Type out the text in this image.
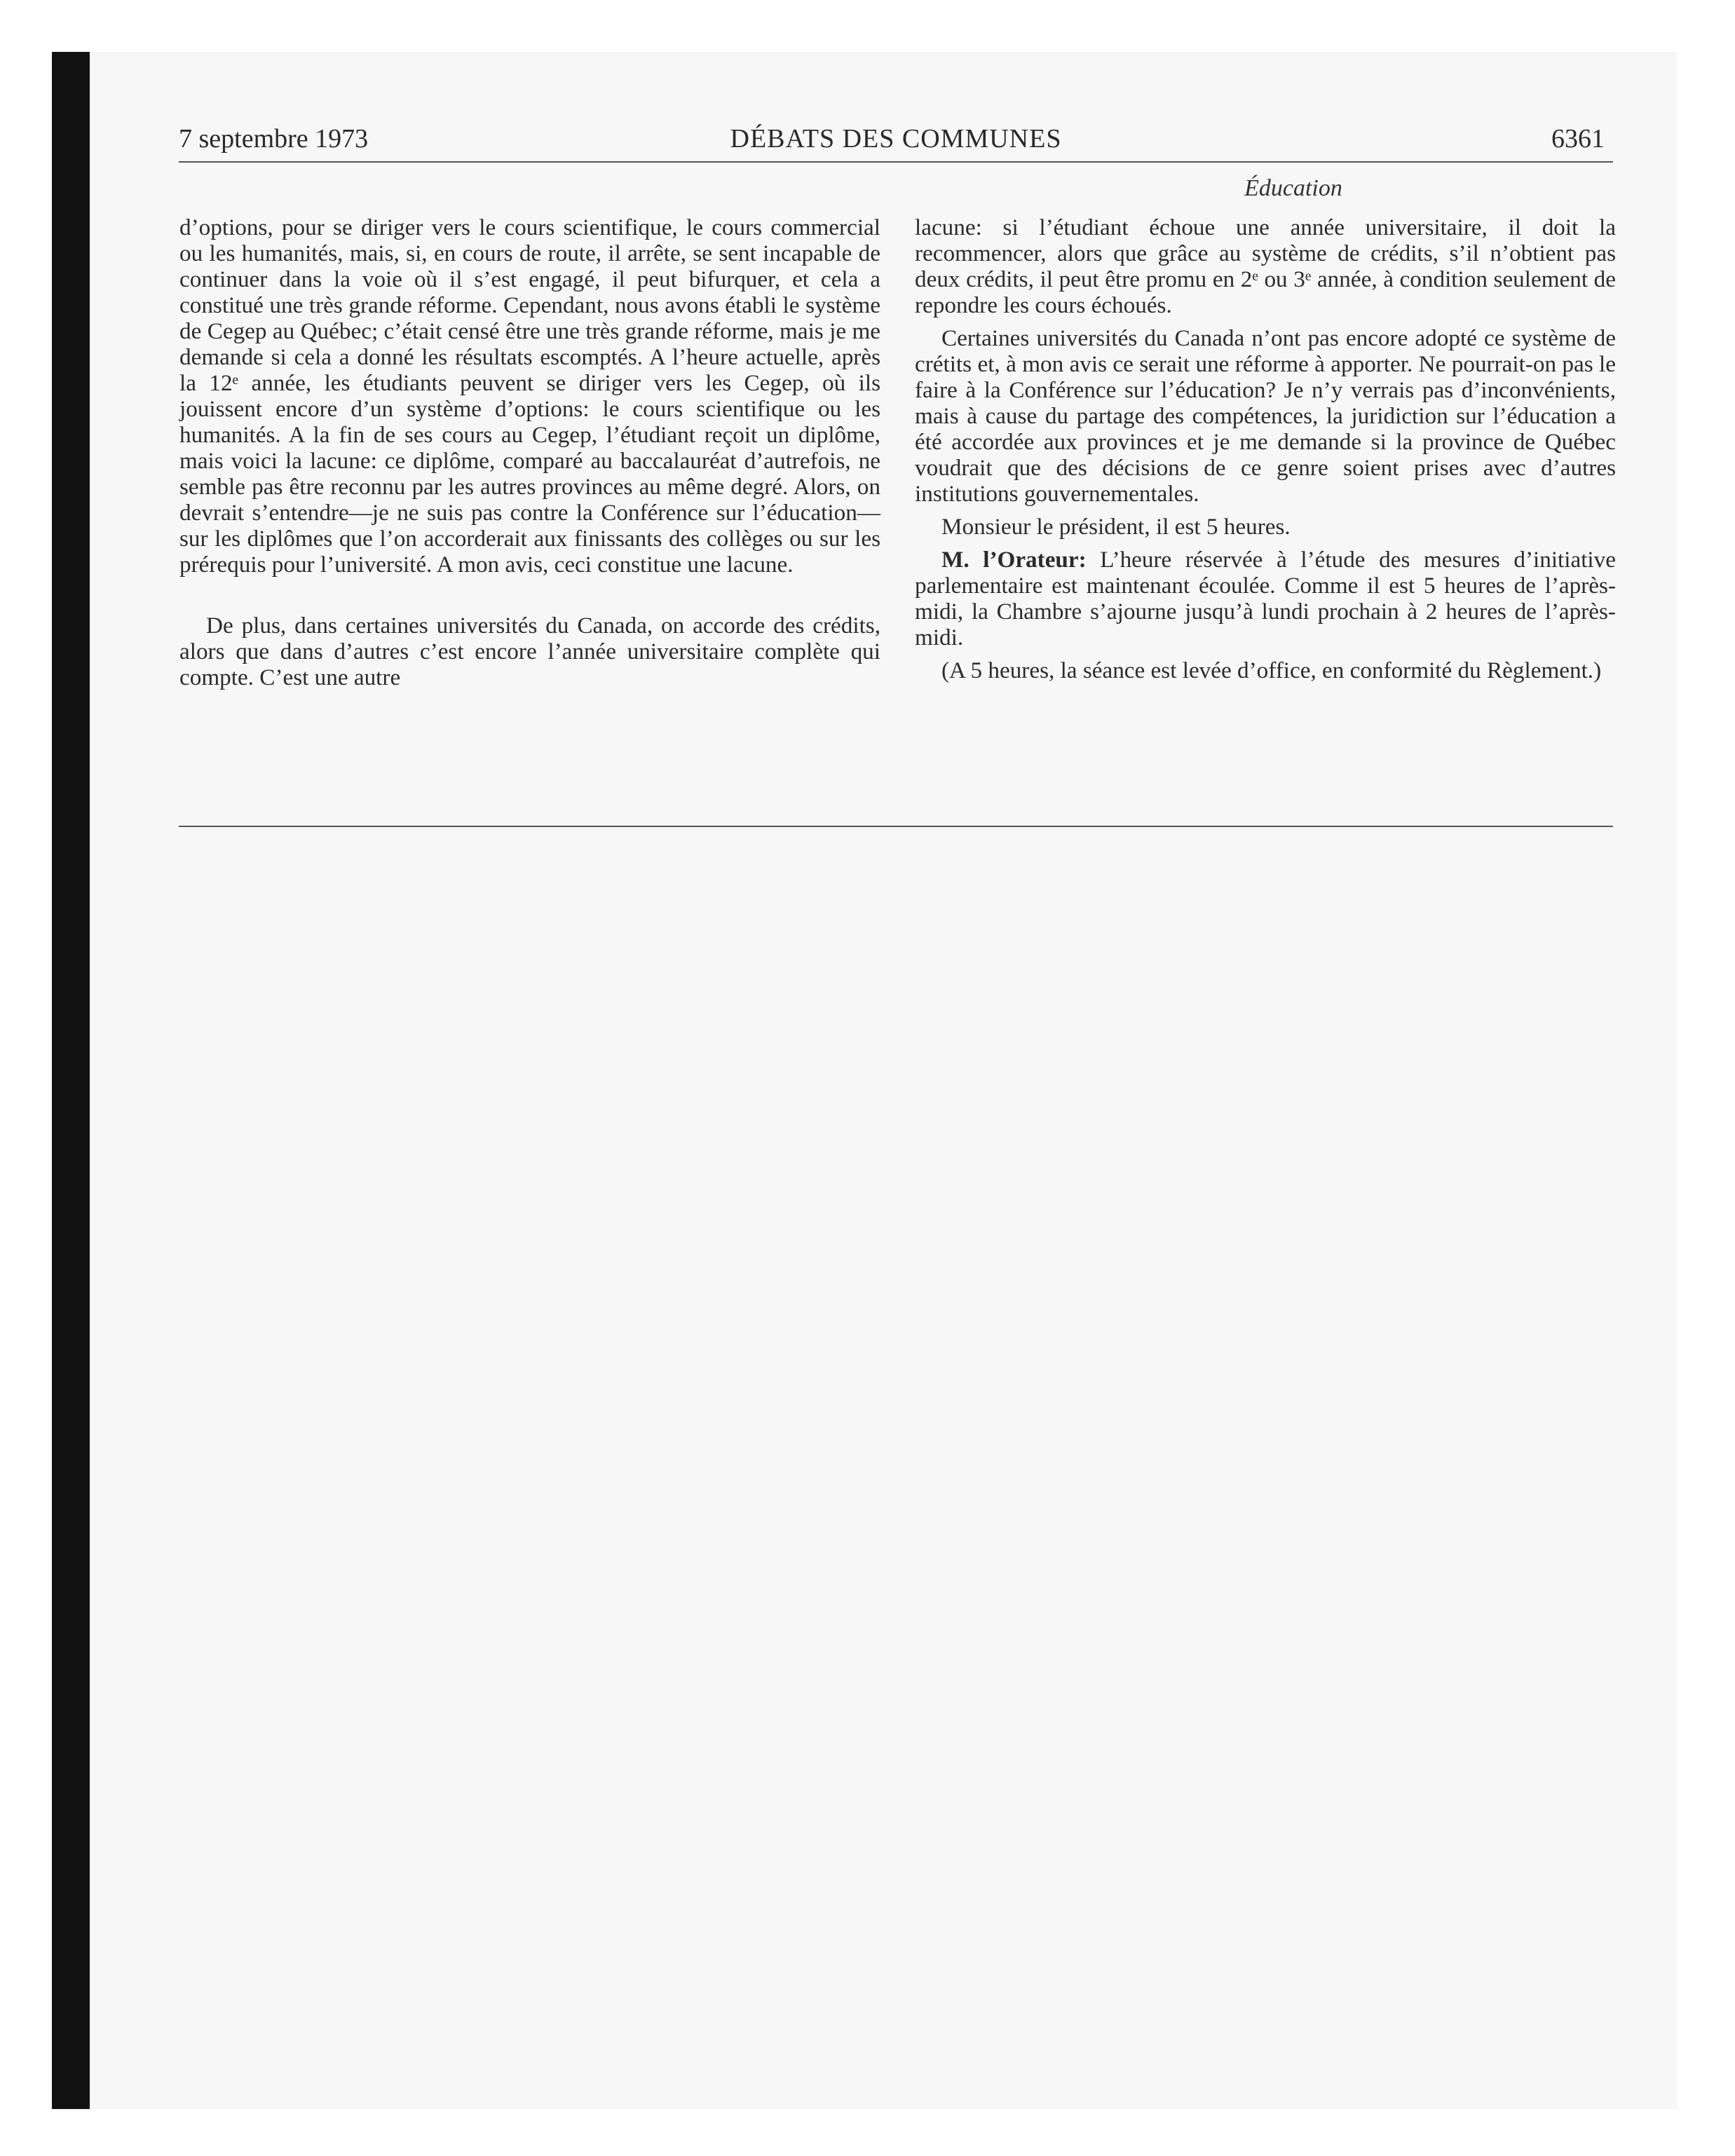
7 septembre 1973	DÉBATS DES COMMUNES	6361
Éducation

d’options, pour se diriger vers le cours scientifique, le cours commercial ou les humanités, mais, si, en cours de route, il arrête, se sent incapable de continuer dans la voie où il s’est engagé, il peut bifurquer, et cela a constitué une très grande réforme. Cependant, nous avons établi le système de Cegep au Québec; c’était censé être une très grande réforme, mais je me demande si cela a donné les résultats escomptés. A l’heure actuelle, après la 12ᵉ année, les étudiants peuvent se diriger vers les Cegep, où ils jouissent encore d’un système d’options: le cours scientifique ou les humanités. A la fin de ses cours au Cegep, l’étudiant reçoit un diplôme, mais voici la lacune: ce diplôme, comparé au baccalauréat d’autrefois, ne semble pas être reconnu par les autres provinces au même degré. Alors, on devrait s’entendre—je ne suis pas contre la Conférence sur l’éducation—sur les diplômes que l’on accorderait aux finissants des collèges ou sur les prérequis pour l’université. A mon avis, ceci constitue une lacune.

De plus, dans certaines universités du Canada, on accorde des crédits, alors que dans d’autres c’est encore l’année universitaire complète qui compte. C’est une autre

lacune: si l’étudiant échoue une année universitaire, il doit la recommencer, alors que grâce au système de crédits, s’il n’obtient pas deux crédits, il peut être promu en 2ᵉ ou 3ᵉ année, à condition seulement de repondre les cours échoués.

Certaines universités du Canada n’ont pas encore adopté ce système de crétits et, à mon avis ce serait une réforme à apporter. Ne pourrait-on pas le faire à la Conférence sur l’éducation? Je n’y verrais pas d’inconvénients, mais à cause du partage des compétences, la juridiction sur l’éducation a été accordée aux provinces et je me demande si la province de Québec voudrait que des décisions de ce genre soient prises avec d’autres institutions gouvernementales.

Monsieur le président, il est 5 heures.

M. l’Orateur: L’heure réservée à l’étude des mesures d’initiative parlementaire est maintenant écoulée. Comme il est 5 heures de l’après-midi, la Chambre s’ajourne jusqu’à lundi prochain à 2 heures de l’après-midi.

(A 5 heures, la séance est levée d’office, en conformité du Règlement.)
